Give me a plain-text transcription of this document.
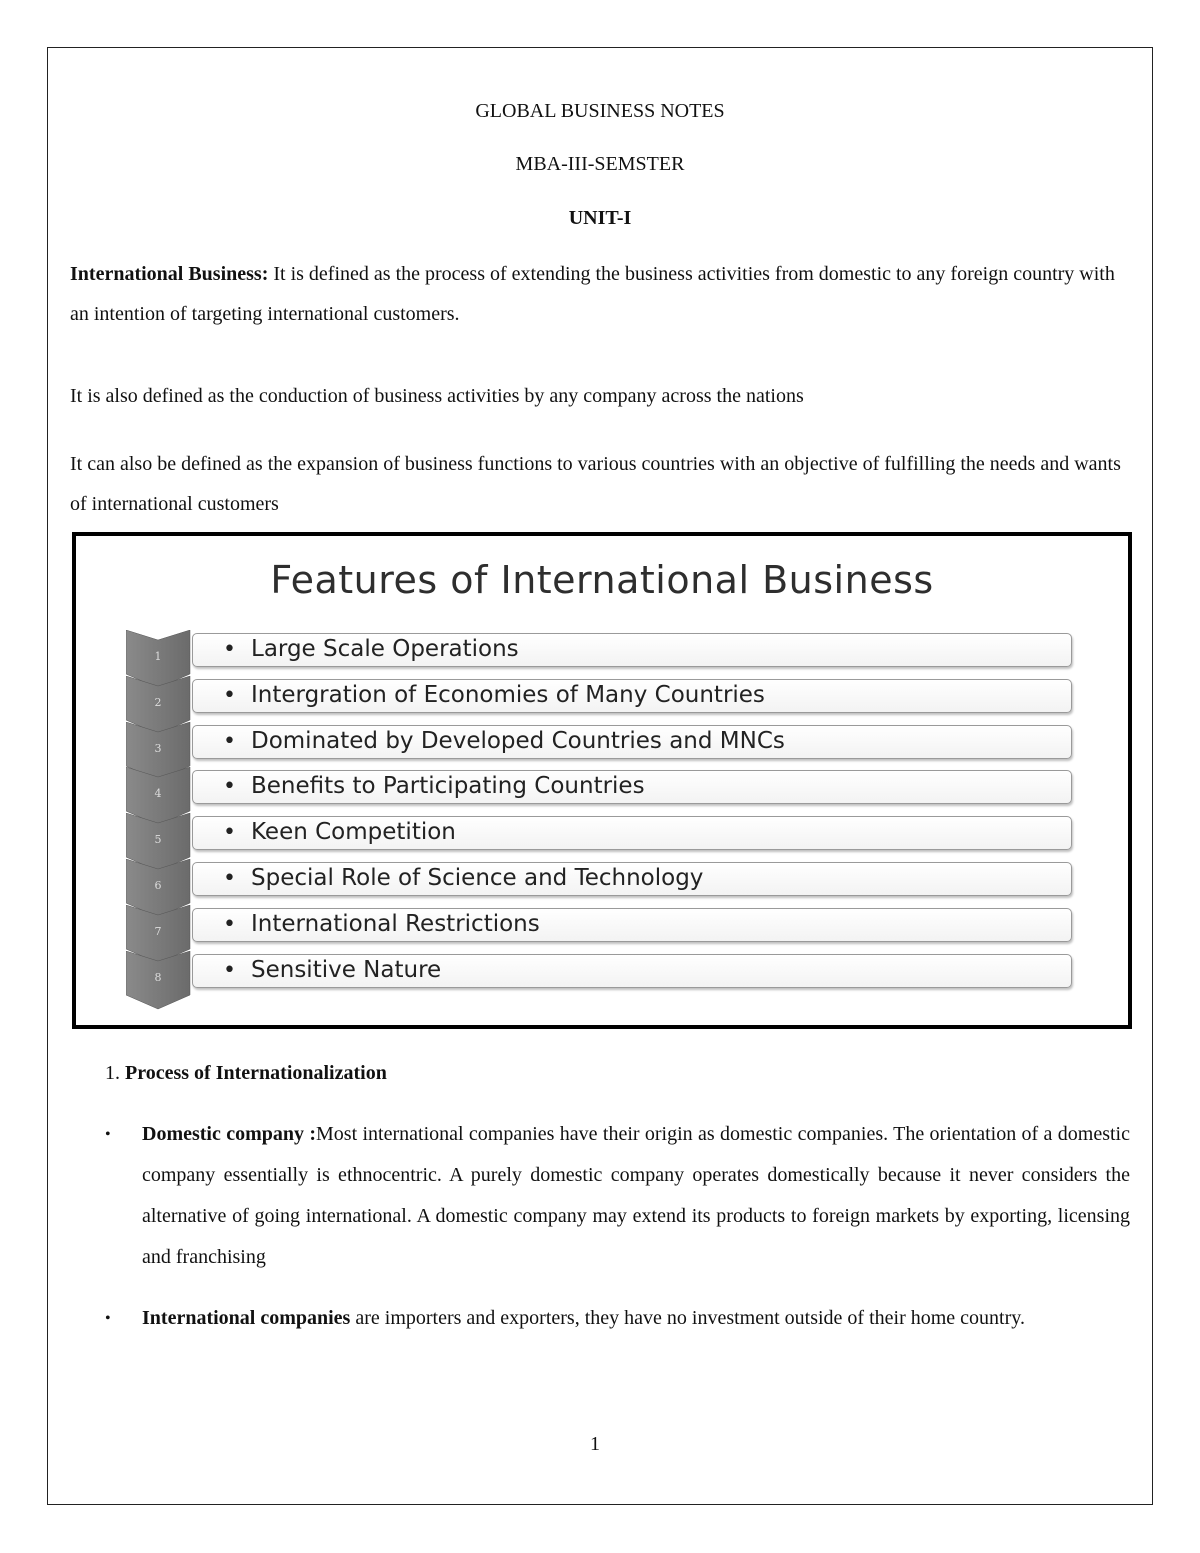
GLOBAL BUSINESS NOTES
MBA-III-SEMSTER
UNIT-I
International Business: It is defined as the process of extending the business activities from domestic to any foreign country with an intention of targeting international customers.
It is also defined as the conduction of business activities by any company across the nations
It can also be defined as the expansion of business functions to various countries with an objective of fulfilling the needs and wants of international customers
Features of International Business
1	• Large Scale Operations
2	• Intergration of Economies of Many Countries
3	• Dominated by Developed Countries and MNCs
4	• Benefits to Participating Countries
5	• Keen Competition
6	• Special Role of Science and Technology
7	• International Restrictions
8	• Sensitive Nature
1. Process of Internationalization
• Domestic company :Most international companies have their origin as domestic companies. The orientation of a domestic company essentially is ethnocentric. A purely domestic company operates domestically because it never considers the alternative of going international. A domestic company may extend its products to foreign markets by exporting, licensing and franchising
• International companies are importers and exporters, they have no investment outside of their home country.
1
